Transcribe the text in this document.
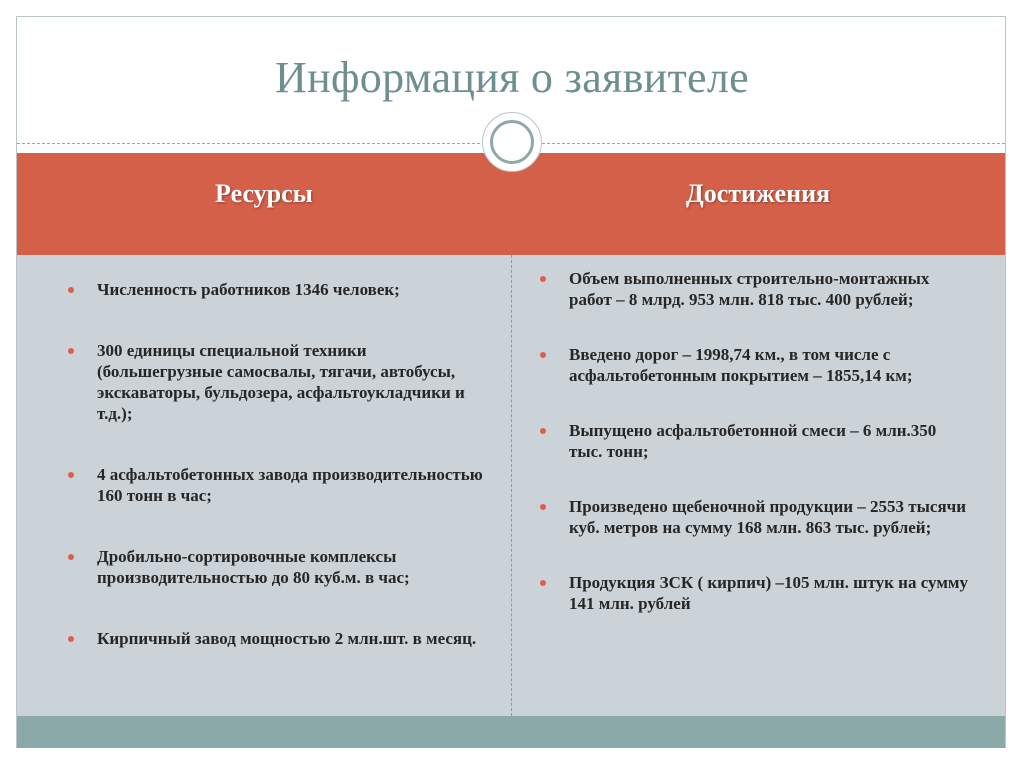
Информация о заявителе
Ресурсы	Достижения
Численность работников 1346 человек;
300 единицы специальной техники (большегрузные самосвалы, тягачи, автобусы, экскаваторы, бульдозера, асфальтоукладчики и т.д.);
4 асфальтобетонных завода производительностью 160 тонн в час;
Дробильно-сортировочные комплексы производительностью до 80 куб.м. в час;
Кирпичный завод мощностью 2 млн.шт. в месяц.
Объем выполненных строительно-монтажных работ – 8 млрд. 953 млн. 818 тыс. 400 рублей;
Введено дорог – 1998,74 км., в том числе с асфальтобетонным покрытием – 1855,14 км;
Выпущено асфальтобетонной смеси – 6 млн.350 тыс. тонн;
Произведено щебеночной продукции – 2553 тысячи куб. метров на сумму 168 млн. 863 тыс. рублей;
Продукция ЗСК ( кирпич) –105 млн. штук на сумму 141 млн. рублей
